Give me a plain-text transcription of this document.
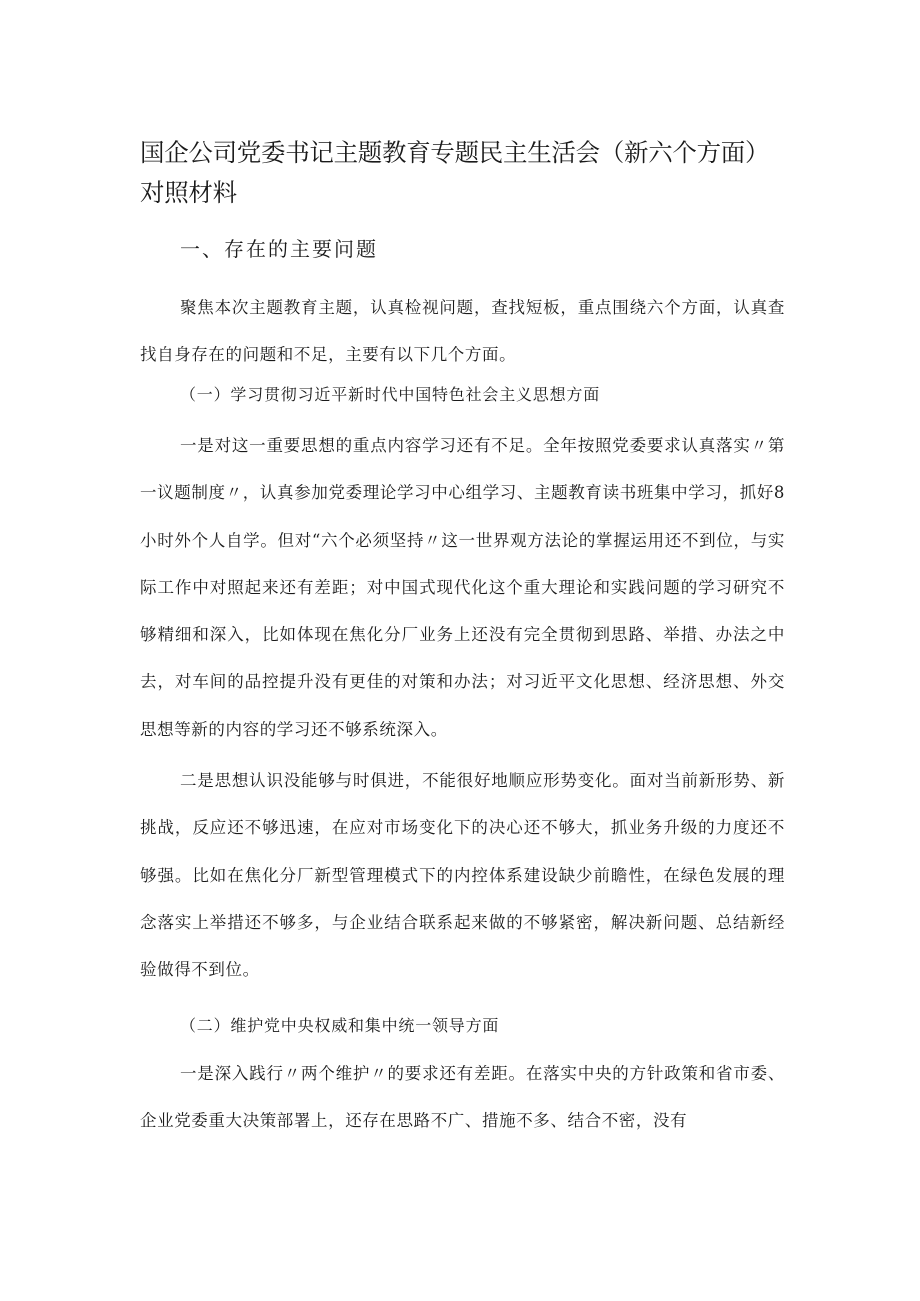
国企公司党委书记主题教育专题民主生活会（新六个方面）对照材料
一、存在的主要问题

聚焦本次主题教育主题，认真检视问题，查找短板，重点围绕六个方面，认真查找自身存在的问题和不足，主要有以下几个方面。

（一）学习贯彻习近平新时代中国特色社会主义思想方面

一是对这一重要思想的重点内容学习还有不足。全年按照党委要求认真落实〃第一议题制度〃，认真参加党委理论学习中心组学习、主题教育读书班集中学习，抓好8小时外个人自学。但对“六个必须坚持〃这一世界观方法论的掌握运用还不到位，与实际工作中对照起来还有差距；对中国式现代化这个重大理论和实践问题的学习研究不够精细和深入，比如体现在焦化分厂业务上还没有完全贯彻到思路、举措、办法之中去，对车间的品控提升没有更佳的对策和办法；对习近平文化思想、经济思想、外交思想等新的内容的学习还不够系统深入。

二是思想认识没能够与时俱进，不能很好地顺应形势变化。面对当前新形势、新挑战，反应还不够迅速，在应对市场变化下的决心还不够大，抓业务升级的力度还不够强。比如在焦化分厂新型管理模式下的内控体系建设缺少前瞻性，在绿色发展的理念落实上举措还不够多，与企业结合联系起来做的不够紧密，解决新问题、总结新经验做得不到位。

（二）维护党中央权威和集中统一领导方面

一是深入践行〃两个维护〃的要求还有差距。在落实中央的方针政策和省市委、企业党委重大决策部署上，还存在思路不广、措施不多、结合不密，没有
